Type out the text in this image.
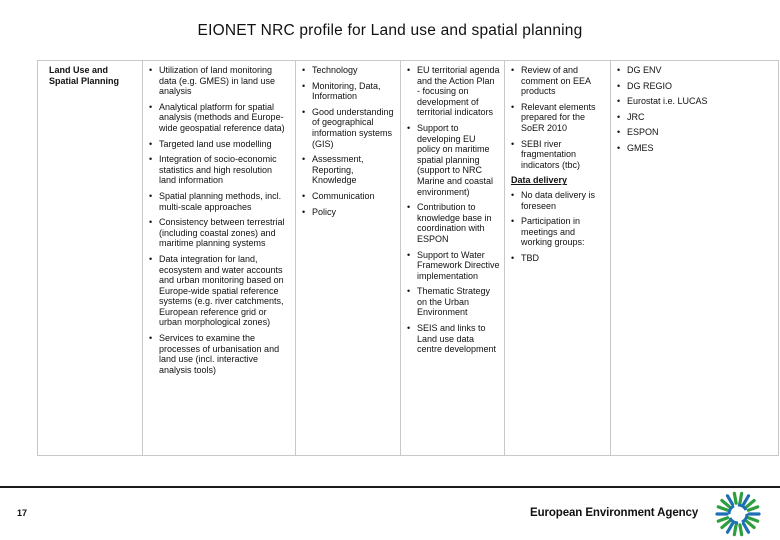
EIONET NRC profile for Land use and spatial planning
Land Use and
Spatial Planning

• Utilization of land monitoring data (e.g. GMES) in land use analysis
• Analytical platform for spatial analysis (methods and Europe-wide geospatial reference data)
• Targeted land use modelling
• Integration of socio-economic statistics and high resolution land information
• Spatial planning methods, incl. multi-scale approaches
• Consistency between terrestrial (including coastal zones) and maritime planning systems
• Data integration for land, ecosystem and water accounts and urban monitoring based on Europe-wide spatial reference systems (e.g. river catchments, European reference grid or urban morphological zones)
• Services to examine the processes of urbanisation and land use (incl. interactive analysis tools)

• Technology
• Monitoring, Data, Information
• Good understanding of geographical information systems (GIS)
• Assessment, Reporting, Knowledge
• Communication
• Policy

• EU territorial agenda and the Action Plan - focusing on development of territorial indicators
• Support to developing EU policy on maritime spatial planning (support to NRC Marine and coastal environment)
• Contribution to knowledge base in coordination with ESPON
• Support to Water Framework Directive implementation
• Thematic Strategy on the Urban Environment
• SEIS and links to Land use data centre development

• Review of and comment on EEA products
• Relevant elements prepared for the SoER 2010
• SEBI river fragmentation indicators (tbc)
Data delivery
• No data delivery is foreseen
• Participation in meetings and working groups:
• TBD

• DG ENV
• DG REGIO
• Eurostat i.e. LUCAS
• JRC
• ESPON
• GMES
17	European Environment Agency
